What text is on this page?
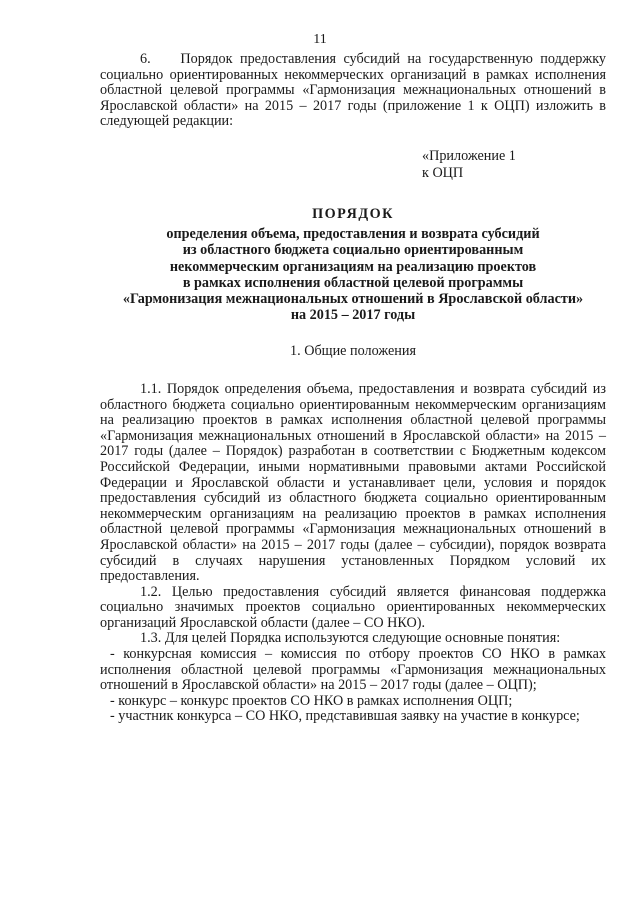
11

6.    Порядок предоставления субсидий на государственную поддержку социально ориентированных некоммерческих организаций в рамках исполнения областной целевой программы «Гармонизация межнациональных отношений в Ярославской области» на 2015 – 2017 годы (приложение 1 к ОЦП) изложить в следующей редакции:

«Приложение 1
к ОЦП
ПОРЯДОК
определения объема, предоставления и возврата субсидий
из областного бюджета социально ориентированным
некоммерческим организациям на реализацию проектов
в рамках исполнения областной целевой программы
«Гармонизация межнациональных отношений в Ярославской области»
на 2015 – 2017 годы
1. Общие положения

1.1. Порядок определения объема, предоставления и возврата субсидий из областного бюджета социально ориентированным некоммерческим организациям на реализацию проектов в рамках исполнения областной целевой программы «Гармонизация межнациональных отношений в Ярославской области» на 2015 – 2017 годы (далее – Порядок) разработан в соответствии с Бюджетным кодексом Российской Федерации, иными нормативными правовыми актами Российской Федерации и Ярославской области и устанавливает цели, условия и порядок предоставления субсидий из областного бюджета социально ориентированным некоммерческим организациям на реализацию проектов в рамках исполнения областной целевой программы «Гармонизация межнациональных отношений в Ярославской области» на 2015 – 2017 годы (далее – субсидии), порядок возврата субсидий в случаях нарушения установленных Порядком условий их предоставления.

1.2. Целью предоставления субсидий является финансовая поддержка социально значимых проектов социально ориентированных некоммерческих организаций Ярославской области (далее – СО НКО).

1.3. Для целей Порядка используются следующие основные понятия:

- конкурсная комиссия – комиссия по отбору проектов СО НКО в рамках исполнения областной целевой программы «Гармонизация межнациональных отношений в Ярославской области» на 2015 – 2017 годы (далее – ОЦП);

- конкурс – конкурс проектов СО НКО в рамках исполнения ОЦП;

- участник конкурса – СО НКО, представившая заявку на участие в конкурсе;
